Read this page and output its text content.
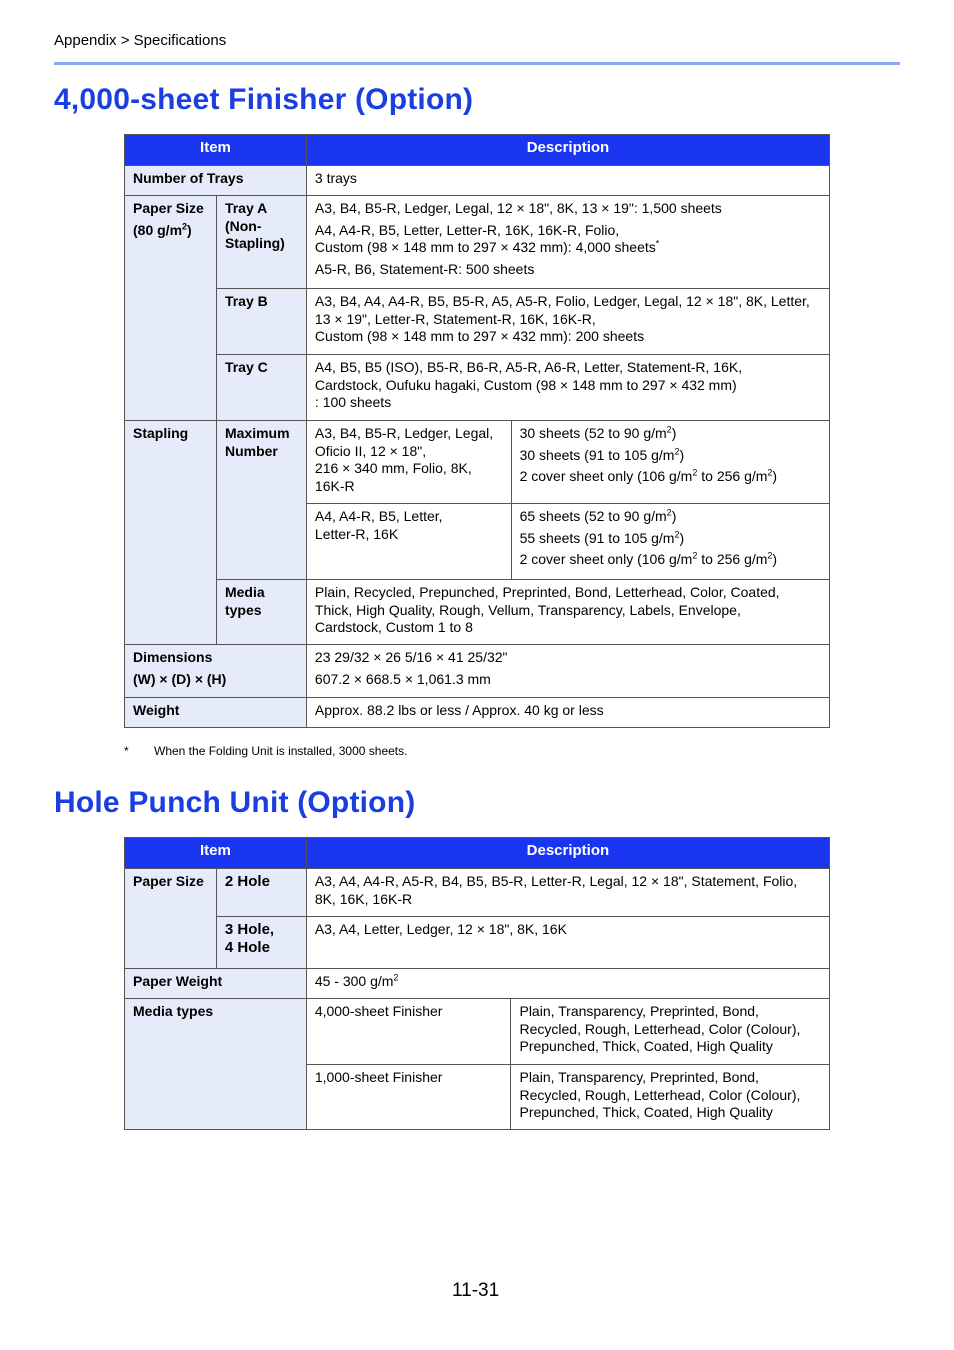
Appendix > Specifications
4,000-sheet Finisher (Option)
Item		Description	
Number of Trays		3 trays	

Paper Size
(80 $g/m^2$)	Tray A (Non-Stapling)	A3, B4, B5-R, Ledger, Legal, 12 × 18", 8K, 13 × 19": 1,500 sheets
A4, A4-R, B5, Letter, Letter-R, 16K, 16K-R, Folio,
Custom (98 × 148 mm to 297 × 432 mm): 4,000 sheets*
A5-R, B6, Statement-R: 500 sheets	

	Tray B	A3, B4, A4, A4-R, B5, B5-R, A5, A5-R, Folio, Ledger, Legal, 12 × 18", 8K, Letter,
13 × 19", Letter-R, Statement-R, 16K, 16K-R,
Custom (98 × 148 mm to 297 × 432 mm): 200 sheets	

	Tray C	A4, B5, B5 (ISO), B5-R, B6-R, A5-R, A6-R, Letter, Statement-R, 16K,
Cardstock, Oufuku hagaki, Custom (98 × 148 mm to 297 × 432 mm)
: 100 sheets	

Stapling	Maximum Number	A3, B4, B5-R, Ledger, Legal,
Oficio II, 12 × 18",
216 × 340 mm, Folio, 8K,
16K-R	30 sheets (52 to 90 $g/m^2$)
30 sheets (91 to 105 $g/m^2$)
2 cover sheet only (106 $g/m^2$ to 256 $g/m^2$)

		A4, A4-R, B5, Letter,
Letter-R, 16K	65 sheets (52 to 90 $g/m^2$)
55 sheets (91 to 105 $g/m^2$)
2 cover sheet only (106 $g/m^2$ to 256 $g/m^2$)

	Media types	Plain, Recycled, Prepunched, Preprinted, Bond, Letterhead, Color, Coated,
Thick, High Quality, Rough, Vellum, Transparency, Labels, Envelope,
Cardstock, Custom 1 to 8	

Dimensions
(W) × (D) × (H)		23 29/32 × 26 5/16 × 41 25/32"
607.2 × 668.5 × 1,061.3 mm	

Weight		Approx. 88.2 lbs or less / Approx. 40 kg or less	
* When the Folding Unit is installed, 3000 sheets.
Hole Punch Unit (Option)
Item		Description	
Paper Size	2 Hole	A3, A4, A4-R, A5-R, B4, B5, B5-R, Letter-R, Legal, 12 × 18", Statement, Folio,
8K, 16K, 16K-R	

	3 Hole,
4 Hole	A3, A4, Letter, Ledger, 12 × 18", 8K, 16K	
Paper Weight		45 - 300 $g/m^2$
Media types		4,000-sheet Finisher	Plain, Transparency, Preprinted, Bond,
Recycled, Rough, Letterhead, Color (Colour),
Prepunched, Thick, Coated, High Quality

		1,000-sheet Finisher	Plain, Transparency, Preprinted, Bond,
Recycled, Rough, Letterhead, Color (Colour),
Prepunched, Thick, Coated, High Quality
11-31
